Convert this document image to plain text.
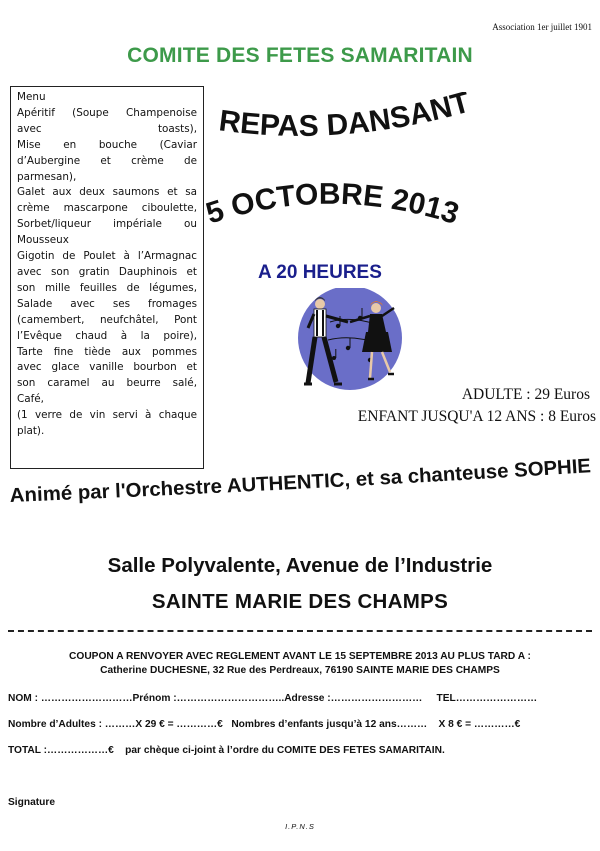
Association 1er juillet 1901
COMITE DES FETES SAMARITAIN
Menu
Apéritif (Soupe Champenoise
avec toasts),
Mise en bouche (Caviar
d’Aubergine et crème de
parmesan),
Galet aux deux saumons et sa
crème mascarpone ciboulette,
Sorbet/liqueur impériale ou
Mousseux
Gigotin de Poulet à l’Armagnac
avec son gratin Dauphinois et
son mille feuilles de légumes,
Salade avec ses fromages
(camembert, neufchâtel, Pont
l’Evêque chaud à la poire),
Tarte fine tiède aux pommes
avec glace vanille bourbon et
son caramel au beurre salé,
Café,
(1 verre de vin servi à chaque
plat).
REPAS DANSANT
5 OCTOBRE 2013
A 20 HEURES
ADULTE : 29 Euros
ENFANT JUSQU'A 12 ANS : 8 Euros
Animé par l'Orchestre AUTHENTIC, et sa chanteuse SOPHIE
Salle Polyvalente, Avenue de l’Industrie
SAINTE MARIE DES CHAMPS
COUPON A RENVOYER AVEC REGLEMENT AVANT LE 15 SEPTEMBRE 2013 AU PLUS TARD A :
Catherine DUCHESNE, 32 Rue des Perdreaux, 76190 SAINTE MARIE DES CHAMPS
NOM : ………………………Prénom :…………………………..Adresse :………………………     TEL……………………
Nombre d’Adultes : ………X 29 € = …………€   Nombres d’enfants jusqu’à 12 ans………    X 8 € = …………€
TOTAL :………………€    par chèque ci-joint à l’ordre du COMITE DES FETES SAMARITAIN.
Signature
I.P.N.S
